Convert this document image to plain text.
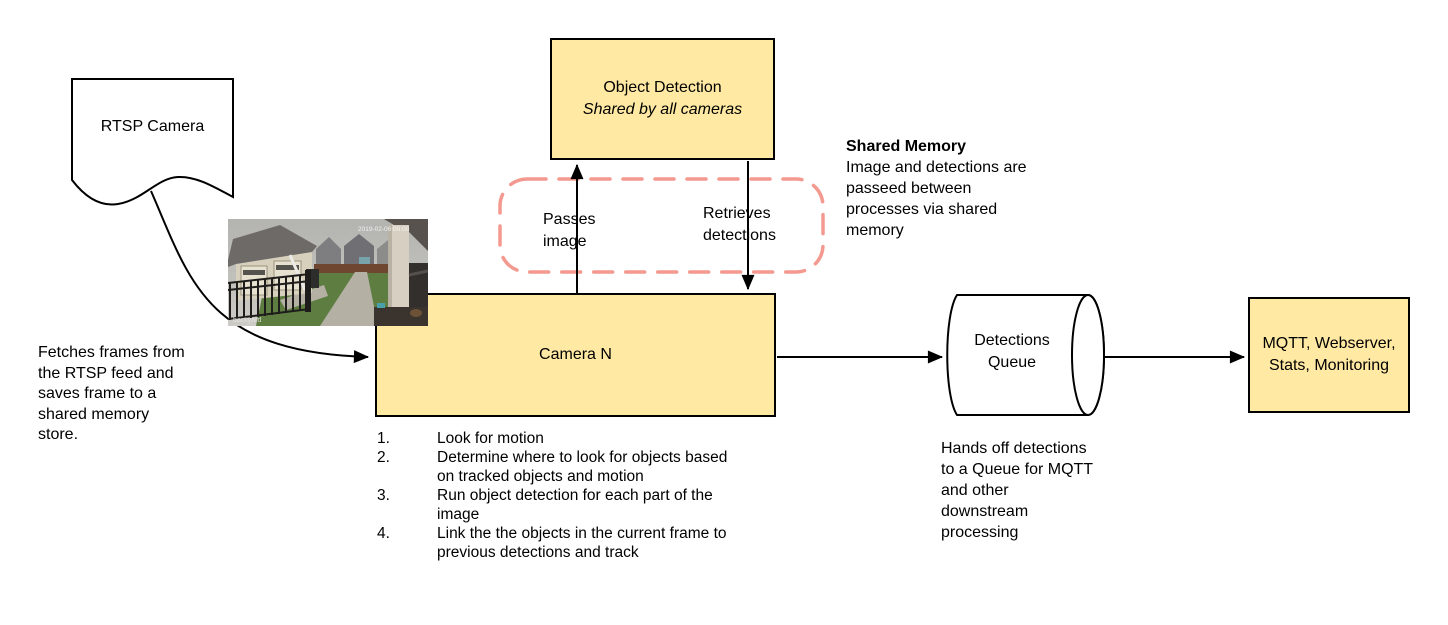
2019-02-06 00:00
backyard
RTSP Camera
Fetches frames from the RTSP feed and saves frame to a shared memory store.
Object Detection
Shared by all cameras
Passes image
Retrieves detections
Shared Memory
Image and detections are passeed between processes via shared memory
Camera N
1.	Look for motion
2.	Determine where to look for objects based on tracked objects and motion
3.	Run object detection for each part of the image
4.	Link the the objects in the current frame to previous detections and track
Detections Queue
Hands off detections to a Queue for MQTT and other downstream processing
MQTT, Webserver, Stats, Monitoring
